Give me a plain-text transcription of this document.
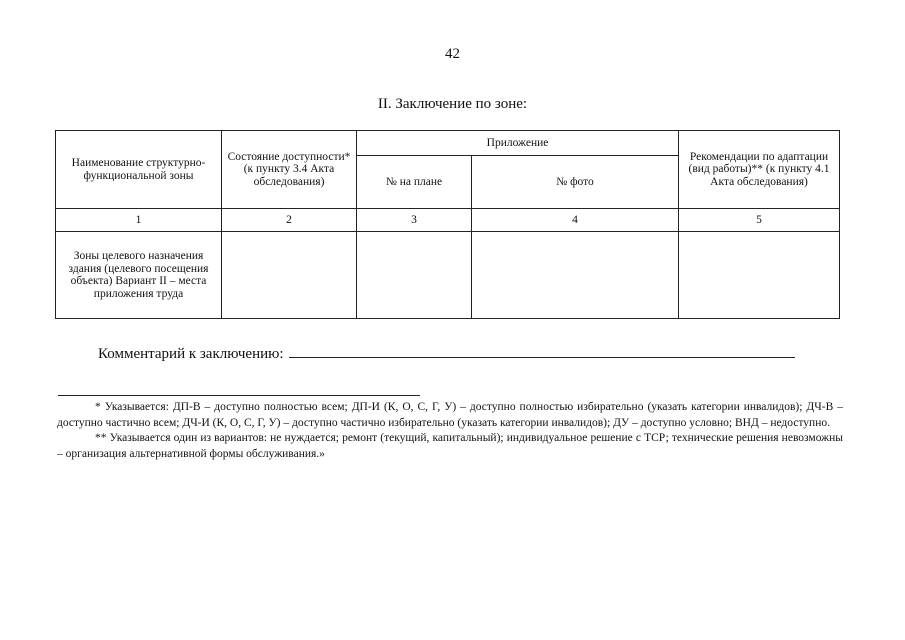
42
II. Заключение по зоне:
Наименование структурно-функциональной зоны	Состояние доступности* (к пункту 3.4 Акта обследования)	Приложение		Рекомендации по адаптации (вид работы)** (к пункту 4.1 Акта обследования)
		№ на плане	№ фото	
1	2	3	4	5
Зоны целевого назначения здания (целевого посещения объекта) Вариант II – места приложения труда				
Комментарий к заключению:

* Указывается: ДП-В – доступно полностью всем; ДП-И (К, О, С, Г, У) – доступно полностью избирательно (указать категории инвалидов); ДЧ-В – доступно частично всем; ДЧ-И (К, О, С, Г, У) – доступно частично избирательно (указать категории инвалидов); ДУ – доступно условно; ВНД – недоступно.

** Указывается один из вариантов: не нуждается; ремонт (текущий, капитальный); индивидуальное решение с ТСР; технические решения невозможны – организация альтернативной формы обслуживания.»
